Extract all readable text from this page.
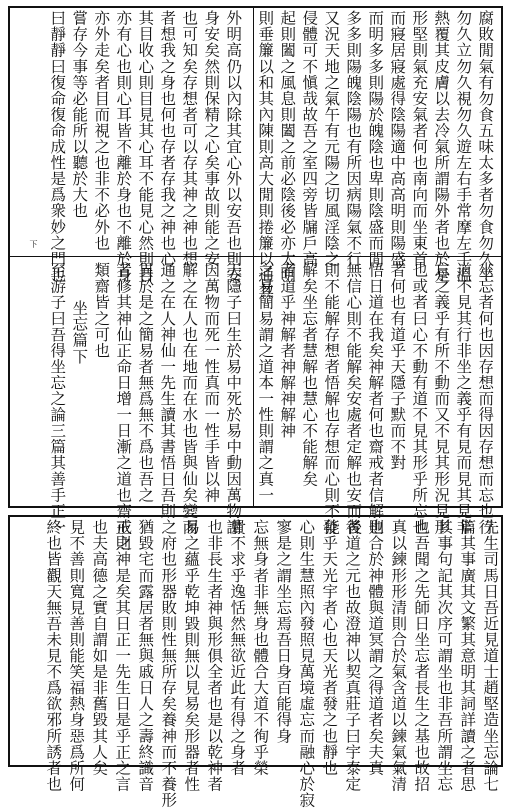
腐敗閒氣有勿食五味太多者勿食勿久坐
勿久立勿久視勿久遊左右手常摩左手溫
熱覆其皮膚以去冷氣所謂陽外者也於是
形堅則氣充安氣者何也南向而坐東首
而寢居寢處得陰陽適中高高明則陽盛
而明多多則陽於魄陰也卑則陰盛而閒
多多則陽魄陰陽也有所因病陽氣不行
又況天地之氣午有元陽之切風淫陰之
侵體可不愼哉故吾之室四旁皆牖戶高
起則闔之風息則闔之前必陰後必亦太明
則垂簾以和其內陳則高大閒則捲簾以通其
外明高仍以內除其宜心外以安吾也則安
身安矣然則保精之心矣事故則能之安
也可知矣存想者可以存其神之神也想
者想我之身也何也存者存我之神也心
其目收心則目見其心耳不能見心然則目
亦有心也則心耳皆不離於身也不離於身
亦外走矣者目而視之也非不必外也
嘗存今事等必能所以聽於大也
曰靜靜曰復命復命成性是爲衆妙之門也
下
坐忘者何也因存想而得因存想而忘也行
道不見其行非坐之義乎有見而見其見非
忘之義乎有所不動而又不見其形況見形
也或者曰心不動有道不見其形乎所忘也
者何也有道乎天隱子默而不對
悟日道在我矣神解者何也齋戒者信解也
無信心則不能解矣安處者定解也安而後
則不能解存想者悟解也存想而心則不能
解矣坐忘者慧解也慧心不能解矣
者道乎神解者神解神解神
之易簡易謂之道本一性則謂之真一
天隱子曰生於易中死於易中動因萬物謝
因萬物而死一性真而一性手皆以神
解之在人也在地而在水也皆與仙矣變而
通之在人神仙一先生讀其書悟日吾則
異於是之簡易者無爲無不爲也吾之
者修其神仙正命日增一日漸之道也齋戒之
類齋皆之可也
坐忘篇下
至游子曰吾得坐忘之論三篇其善手正一
先生司馬日吾近見道士趙堅造坐忘論七
篇其事廣其文繁其意明其詞詳讀之者思
其事句記其次序可謂坐也非吾所謂坐忘
也吾聞之先師日坐忘者長生之基也故招
真以鍊形形清則合於氣含道以鍊氣氣清
則合於神體與道冥謂之得道者矣夫真
者道之元也故澄神以契真莊子曰宇泰定
發乎天光宇者心也天光者發之也靜也
心則生慧照內發照見萬境虛忘而融心於寂
寥是之謂坐忘焉吾日身百能得身
忘無身者非無身也體合大道不徇乎榮
貴不求乎逸恬然無欲近此有得之身者
也非長生者神與形俱全者也是以乾神者
易之蘊乎乾坤毀則無以見易矣形器者性
之府也形器敗則性無所存矣養神而不養形
猶毀宅而露居者無與戚日人之壽終識音
正則神是矣其日正一先生日是乎正之言
也夫高德之實自謂如是非舊毀其人矣
見不善則寬見善則能笑福熱身惡爲所何
終也皆觀天無吾未見不爲欲邪所誘者也
